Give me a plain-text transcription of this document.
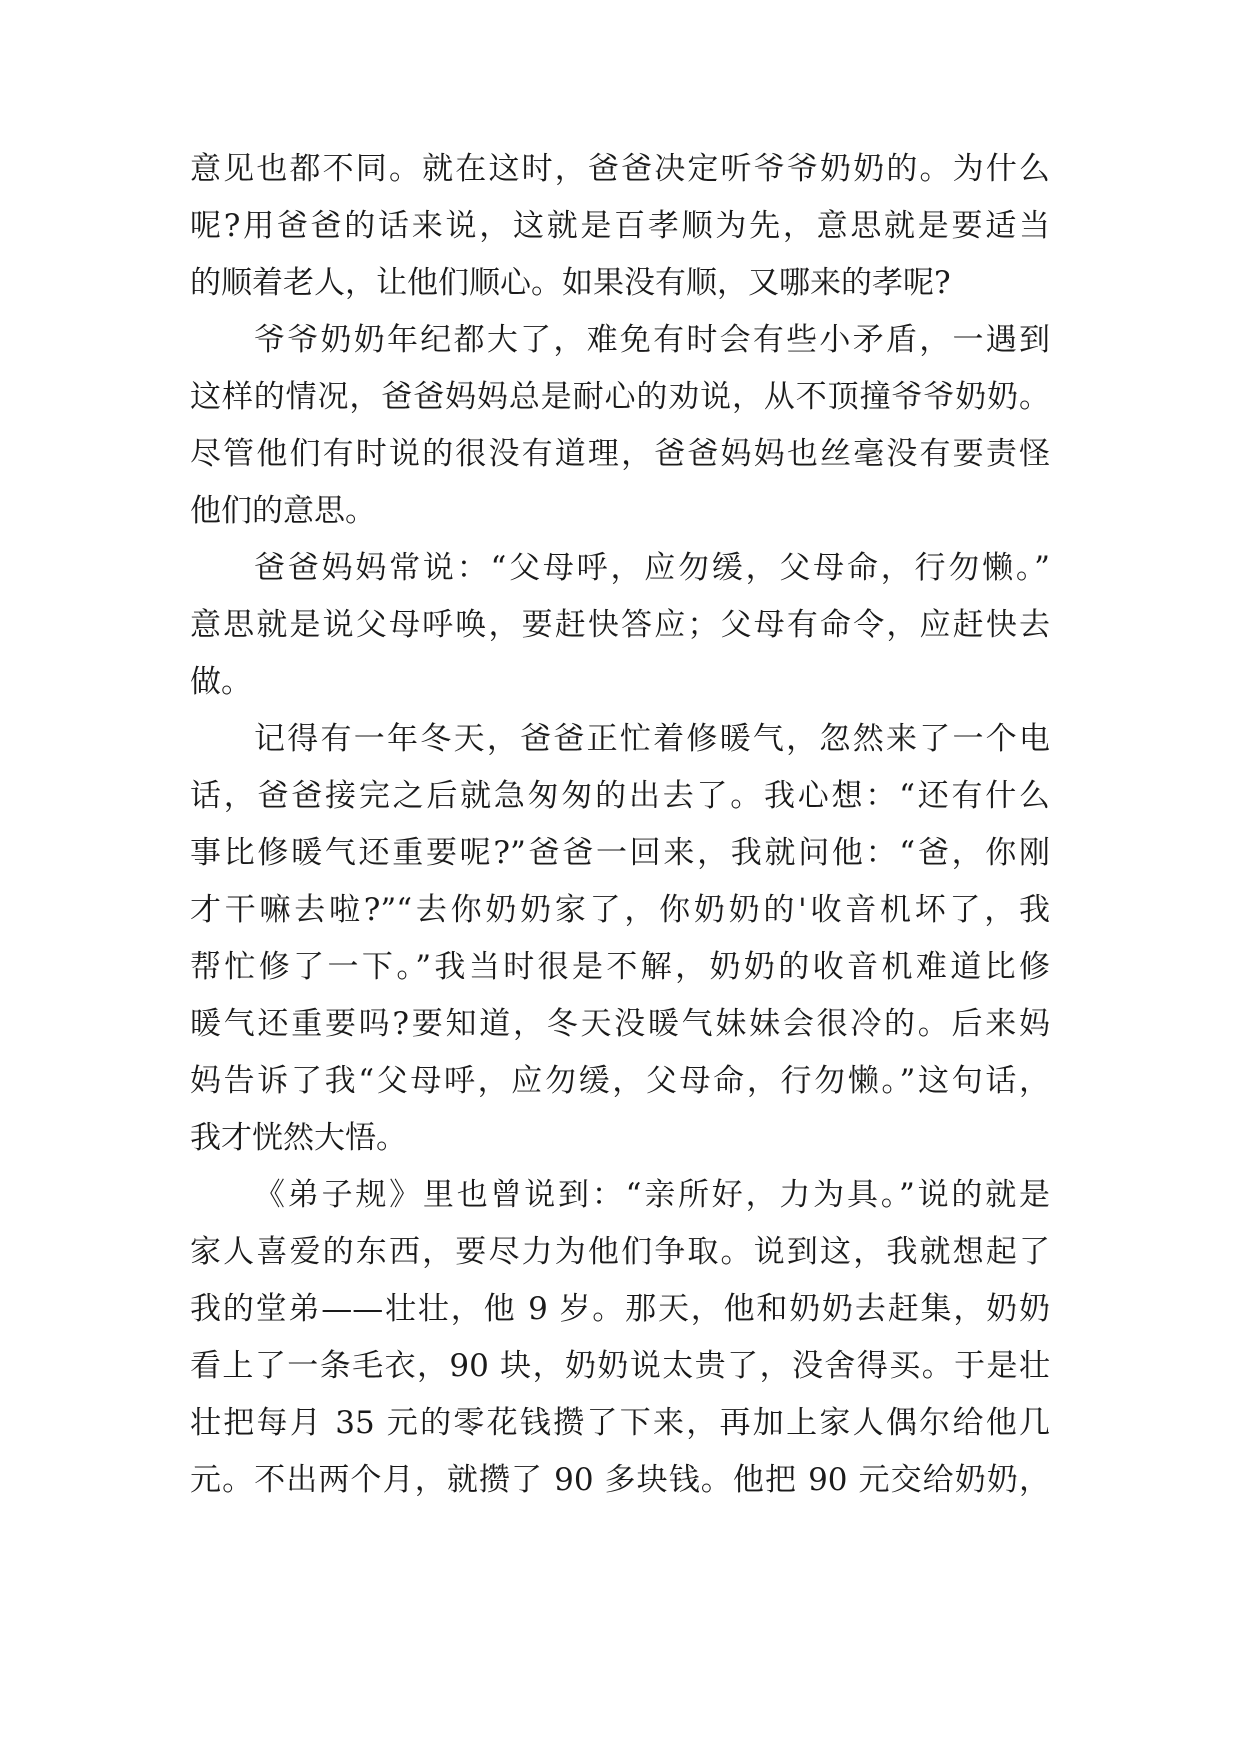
意见也都不同。就在这时，爸爸决定听爷爷奶奶的。为什么
呢?用爸爸的话来说，这就是百孝顺为先，意思就是要适当
的顺着老人，让他们顺心。如果没有顺，又哪来的孝呢?
爷爷奶奶年纪都大了，难免有时会有些小矛盾，一遇到
这样的情况，爸爸妈妈总是耐心的劝说，从不顶撞爷爷奶奶。
尽管他们有时说的很没有道理，爸爸妈妈也丝毫没有要责怪
他们的意思。
爸爸妈妈常说：“父母呼，应勿缓，父母命，行勿懒。”
意思就是说父母呼唤，要赶快答应；父母有命令，应赶快去
做。
记得有一年冬天，爸爸正忙着修暖气，忽然来了一个电
话，爸爸接完之后就急匆匆的出去了。我心想：“还有什么
事比修暖气还重要呢?”爸爸一回来，我就问他：“爸，你刚
才干嘛去啦?”“去你奶奶家了，你奶奶的'收音机坏了，我
帮忙修了一下。”我当时很是不解，奶奶的收音机难道比修
暖气还重要吗?要知道，冬天没暖气妹妹会很冷的。后来妈
妈告诉了我“父母呼，应勿缓，父母命，行勿懒。”这句话，
我才恍然大悟。
《弟子规》里也曾说到：“亲所好，力为具。”说的就是
家人喜爱的东西，要尽力为他们争取。说到这，我就想起了
我的堂弟——壮壮，他 9 岁。那天，他和奶奶去赶集，奶奶
看上了一条毛衣，90 块，奶奶说太贵了，没舍得买。于是壮
壮把每月 35 元的零花钱攒了下来，再加上家人偶尔给他几
元。不出两个月，就攒了 90 多块钱。他把 90 元交给奶奶，
